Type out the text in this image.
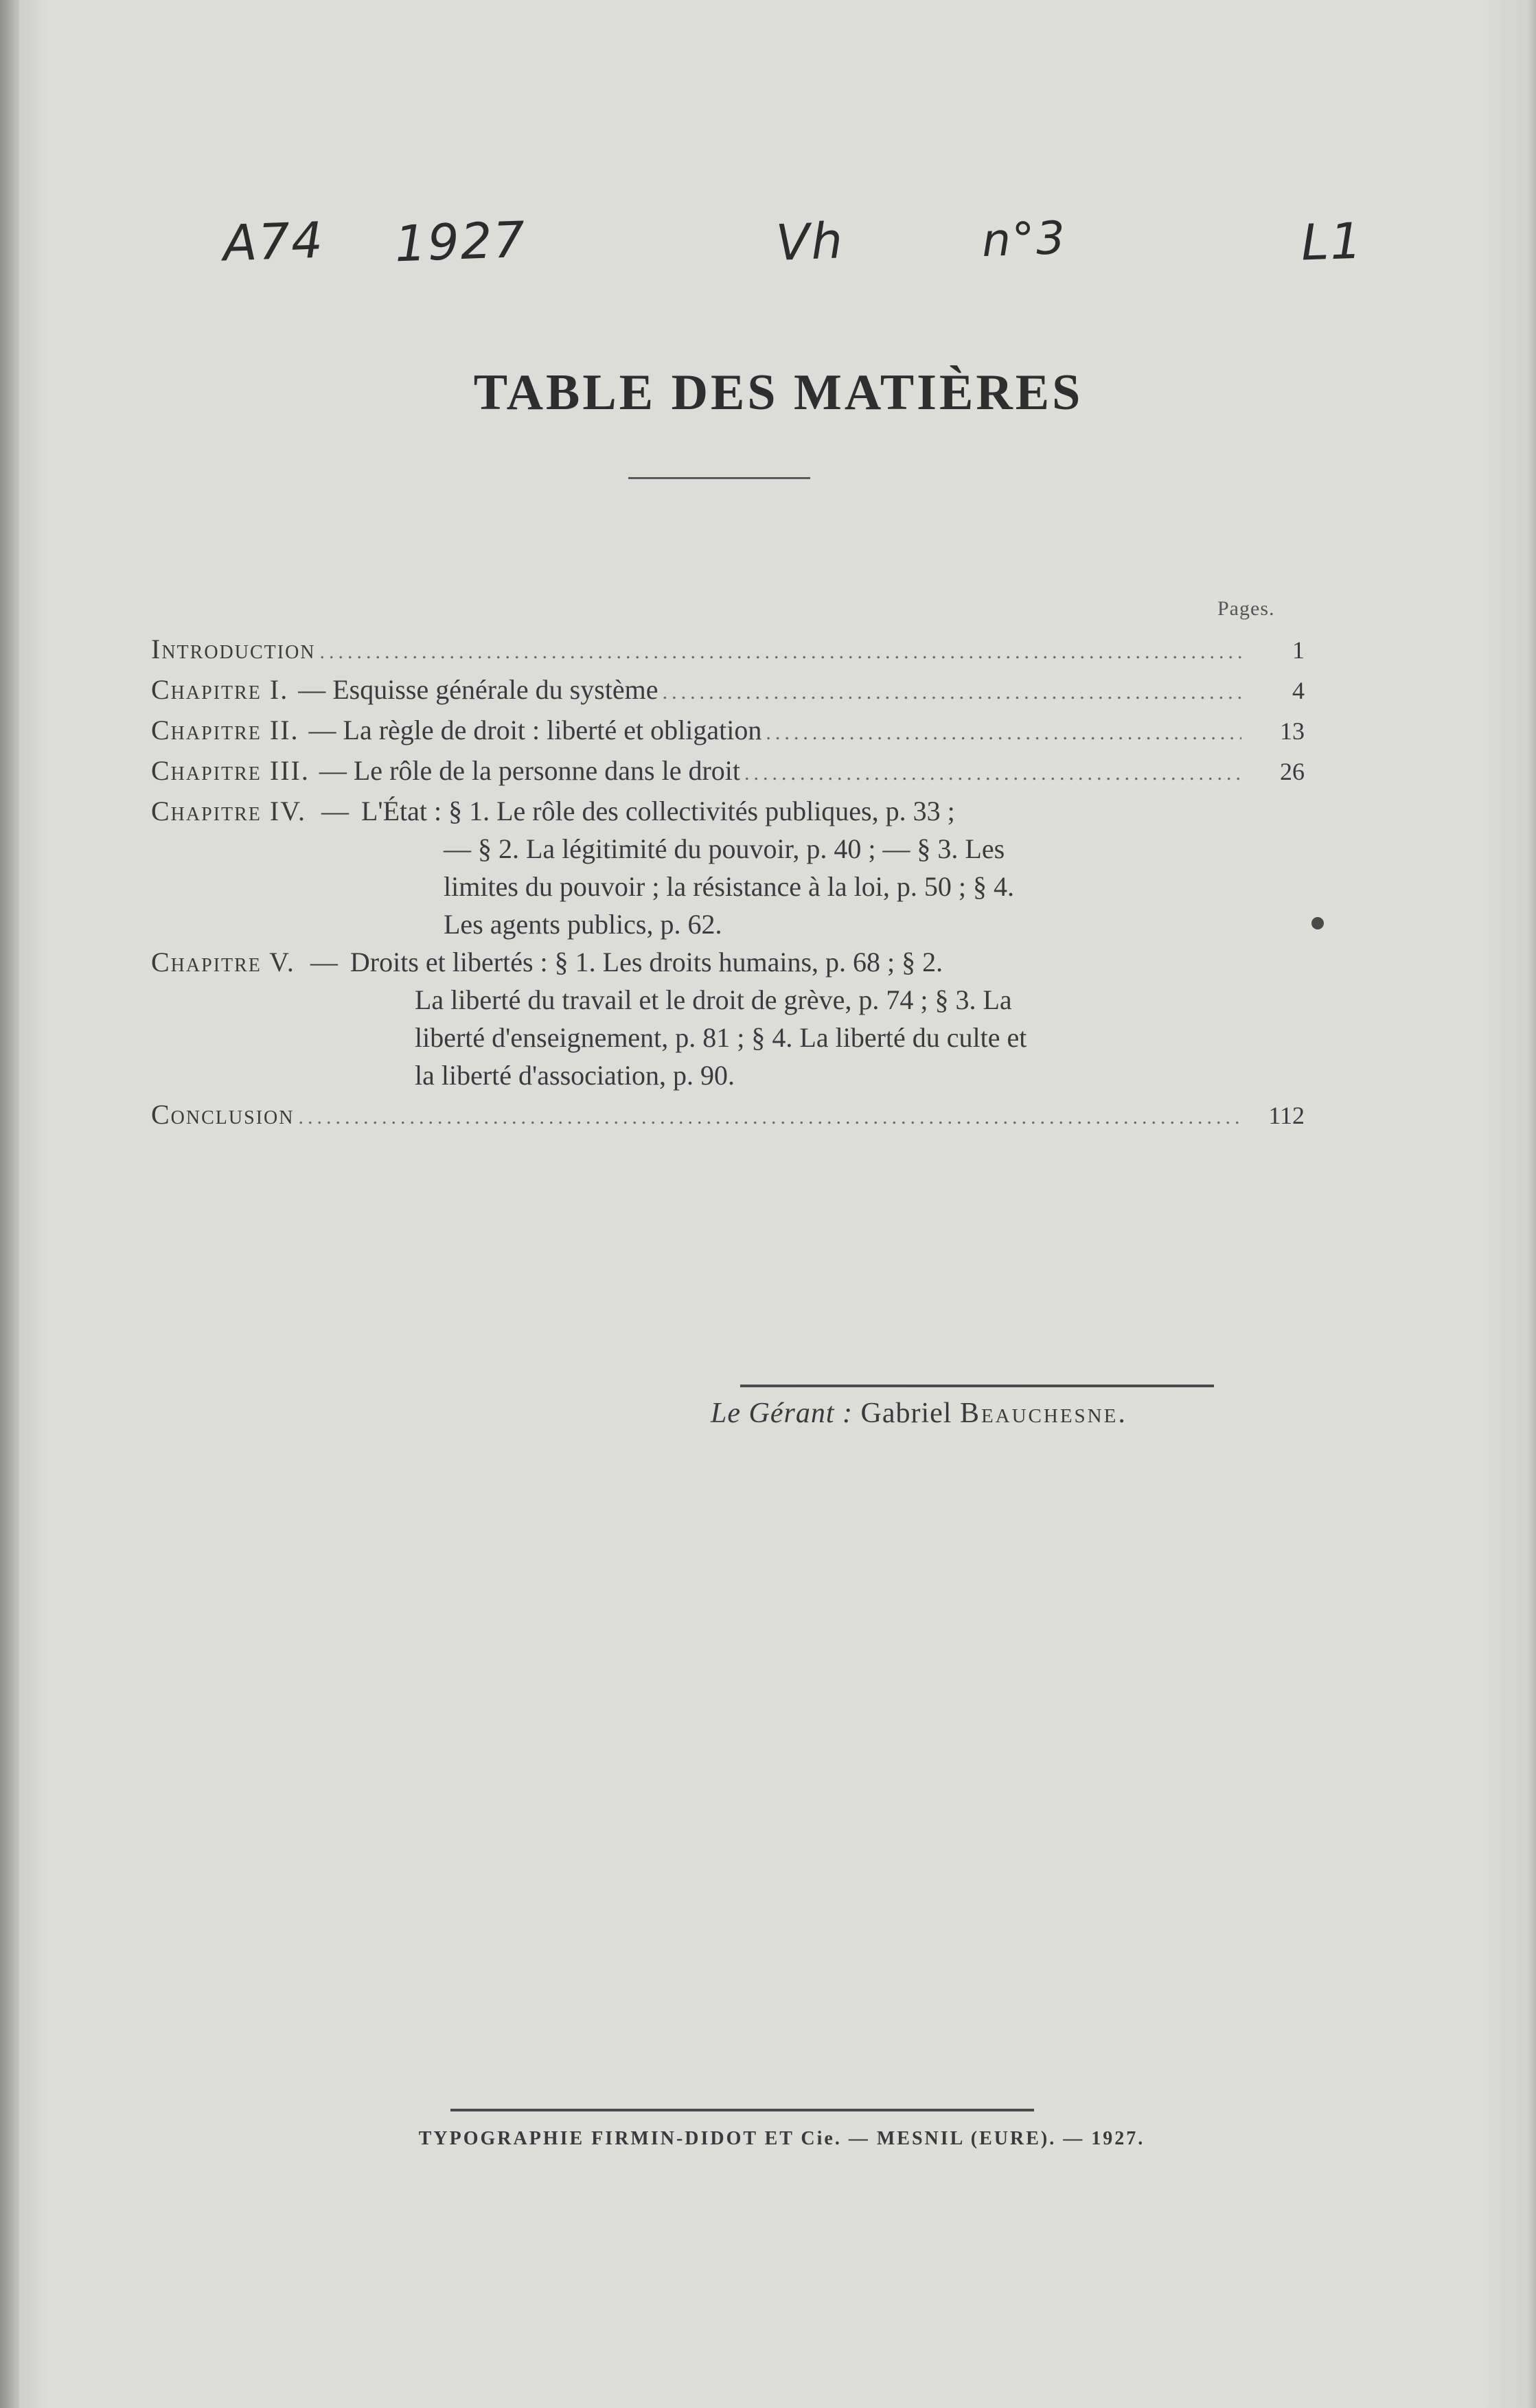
A74 1927	Vh	n°3	L1
TABLE DES MATIÈRES
Pages.
Introduction .....	1
Chapitre I. — Esquisse générale du système .....	4
Chapitre II. — La règle de droit : liberté et obligation .....	13
Chapitre III. — Le rôle de la personne dans le droit .....	26
Chapitre IV. — L'État : § 1. Le rôle des collectivités publiques, p. 33 ;
— § 2. La légitimité du pouvoir, p. 40 ; — § 3. Les
limites du pouvoir ; la résistance à la loi, p. 50 ; § 4.
Les agents publics, p. 62.
Chapitre V. — Droits et libertés : § 1. Les droits humains, p. 68 ; § 2.
La liberté du travail et le droit de grève, p. 74 ; § 3. La
liberté d'enseignement, p. 81 ; § 4. La liberté du culte et
la liberté d'association, p. 90.
Conclusion .....	112
Le Gérant : Gabriel Beauchesne.
TYPOGRAPHIE FIRMIN-DIDOT ET Cie. — MESNIL (EURE). — 1927.
